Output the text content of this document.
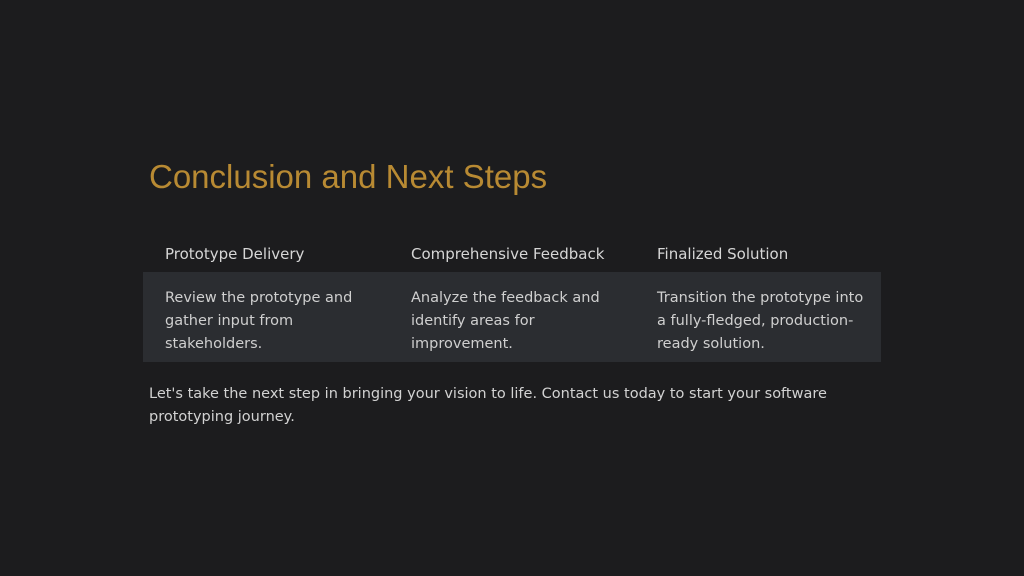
Conclusion and Next Steps
Prototype Delivery	Comprehensive Feedback	Finalized Solution
Review the prototype and gather input from stakeholders.
Analyze the feedback and identify areas for improvement.
Transition the prototype into a fully-fledged, production-ready solution.

Let's take the next step in bringing your vision to life. Contact us today to start your software prototyping journey.
